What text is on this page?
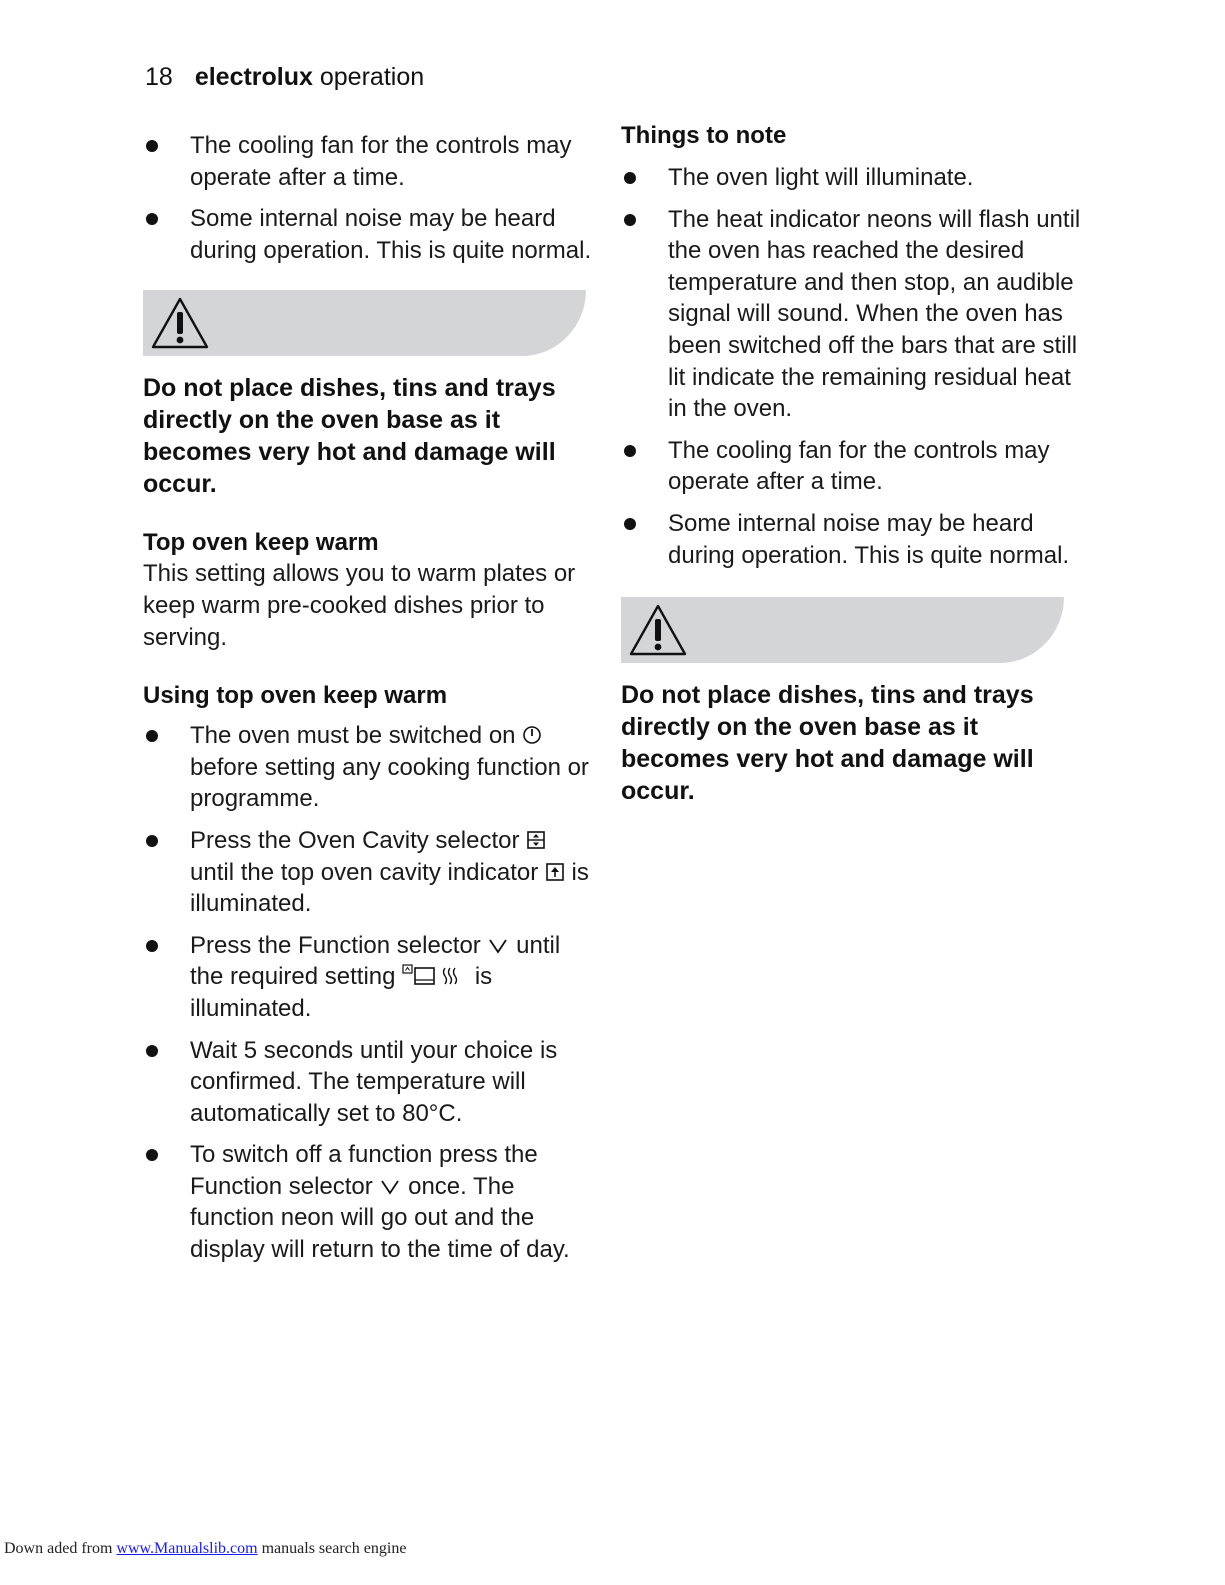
18 electrolux operation
The cooling fan for the controls may operate after a time.
Some internal noise may be heard during operation. This is quite normal.

Do not place dishes, tins and trays directly on the oven base as it becomes very hot and damage will occur.

Top oven keep warm

This setting allows you to warm plates or keep warm pre-cooked dishes prior to serving.

Using top oven keep warm

The oven must be switched on  before setting any cooking function or programme.
Press the Oven Cavity selector  until the top oven cavity indicator is illuminated.
Press the Function selector until the required setting	is illuminated.
Wait 5 seconds until your choice is confirmed. The temperature will automatically set to 80°C.
To switch off a function press the Function selector once. The function neon will go out and the display will return to the time of day.

Things to note

The oven light will illuminate.
The heat indicator neons will flash until the oven has reached the desired temperature and then stop, an audible signal will sound. When the oven has been switched off the bars that are still lit indicate the remaining residual heat in the oven.
The cooling fan for the controls may operate after a time.
Some internal noise may be heard during operation. This is quite normal.

Do not place dishes, tins and trays directly on the oven base as it becomes very hot and damage will occur.

Down aded from www.Manualslib.com manuals search engine
